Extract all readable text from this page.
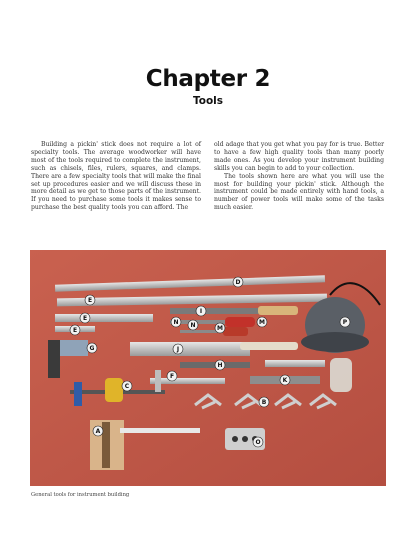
Chapter 2
Tools

Building a pickin' stick does not require a lot of specialty tools. The average woodworker will have most of the tools required to complete the instrument, such as chisels, files, rulers, squares, and clamps. There are a few specialty tools that will make the final set up procedures easier and we will discuss these in more detail as we get to those parts of the instrument. If you need to purchase some tools it makes sense to purchase the best quality tools you can afford. The

old adage that you get what you pay for is true. Better to have a few high quality tools than many poorly made ones. As you develop your instrument building skills you can begin to add to your collection.

The tools shown here are what you will use the most for building your pickin' stick. Although the instrument could be made entirely with hand tools, a number of power tools will make some of the tasks much easier.

D
E
E
E
G
I
N N	M
M
P
J
H
F
C
K
B
A
O
General tools for instrument building
